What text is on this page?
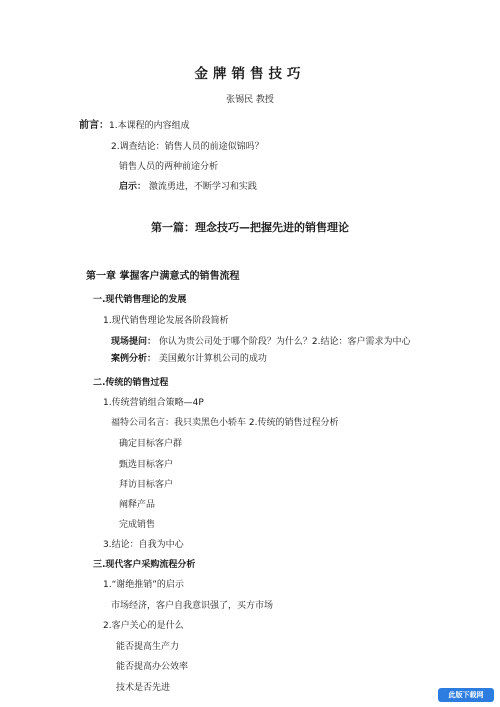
金牌销售技巧
张锡民 教授
前言： 1.本课程的内容组成
2.调查结论：销售人员的前途似锦吗？
销售人员的两种前途分析
启示： 激流勇进，不断学习和实践
第一篇：理念技巧—把握先进的销售理论
第一章 掌握客户满意式的销售流程
一.现代销售理论的发展
1.现代销售理论发展各阶段简析
现场提问： 你认为贵公司处于哪个阶段？为什么？2.结论：客户需求为中心
案例分析： 美国戴尔计算机公司的成功
二.传统的销售过程
1.传统营销组合策略—4P
福特公司名言：我只卖黑色小轿车 2.传统的销售过程分析
确定目标客户群
甄选目标客户
拜访目标客户
阐释产品
完成销售
3.结论：自我为中心
三.现代客户采购流程分析
1.“谢绝推销”的启示
市场经济，客户自我意识强了，买方市场
2.客户关心的是什么
能否提高生产力
能否提高办公效率
技术是否先进
此版下载网
